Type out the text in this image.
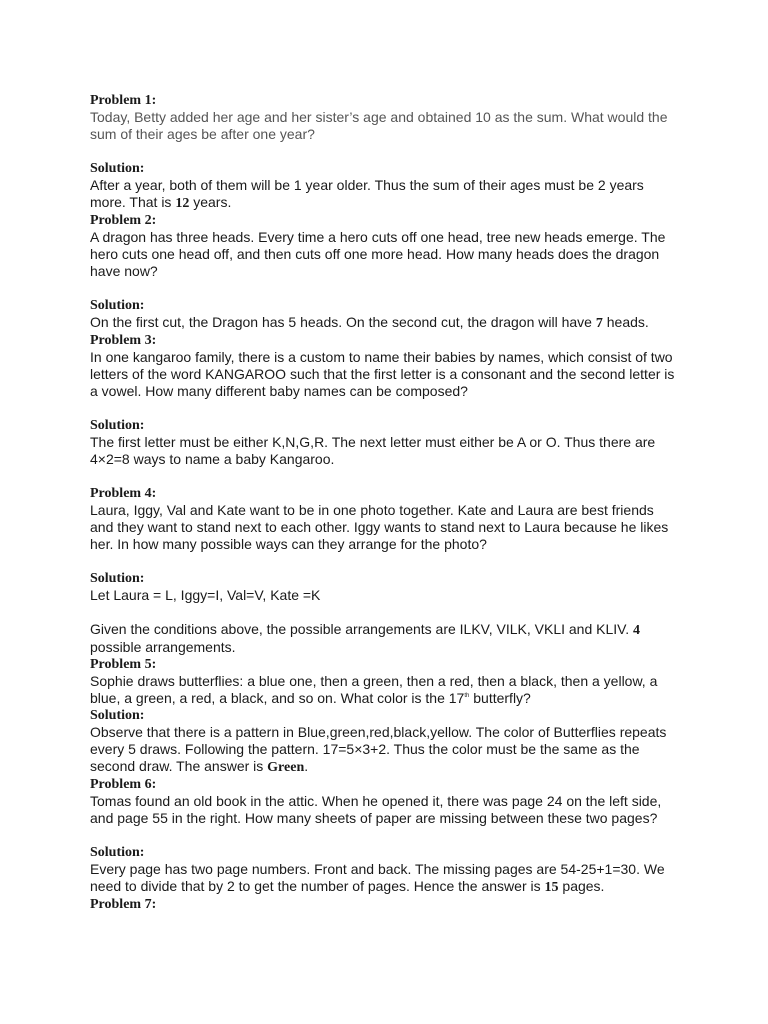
Problem 1:

Today, Betty added her age and her sister’s age and obtained 10 as the sum. What would the sum of their ages be after one year?

Solution:

After a year, both of them will be 1 year older. Thus the sum of their ages must be 2 years more. That is 12 years.

Problem 2:

A dragon has three heads. Every time a hero cuts off one head, tree new heads emerge. The hero cuts one head off, and then cuts off one more head. How many heads does the dragon have now?

Solution:

On the first cut, the Dragon has 5 heads. On the second cut, the dragon will have 7 heads.

Problem 3:

In one kangaroo family, there is a custom to name their babies by names, which consist of two letters of the word KANGAROO such that the first letter is a consonant and the second letter is a vowel. How many different baby names can be composed?

Solution:

The first letter must be either K,N,G,R. The next letter must either be A or O. Thus there are 4×2=8 ways to name a baby Kangaroo.

Problem 4:

Laura, Iggy, Val and Kate want to be in one photo together. Kate and Laura are best friends and they want to stand next to each other. Iggy wants to stand next to Laura because he likes her. In how many possible ways can they arrange for the photo?

Solution:

Let Laura = L, Iggy=I, Val=V, Kate =K

Given the conditions above, the possible arrangements are ILKV, VILK, VKLI and KLIV. 4 possible arrangements.

Problem 5:

Sophie draws butterflies: a blue one, then a green, then a red, then a black, then a yellow, a blue, a green, a red, a black, and so on. What color is the 17th butterfly?

Solution:

Observe that there is a pattern in Blue,green,red,black,yellow. The color of Butterflies repeats every 5 draws. Following the pattern. 17=5×3+2. Thus the color must be the same as the second draw. The answer is Green.

Problem 6:

Tomas found an old book in the attic. When he opened it, there was page 24 on the left side, and page 55 in the right. How many sheets of paper are missing between these two pages?

Solution:

Every page has two page numbers. Front and back. The missing pages are 54-25+1=30. We need to divide that by 2 to get the number of pages. Hence the answer is 15 pages.

Problem 7:
